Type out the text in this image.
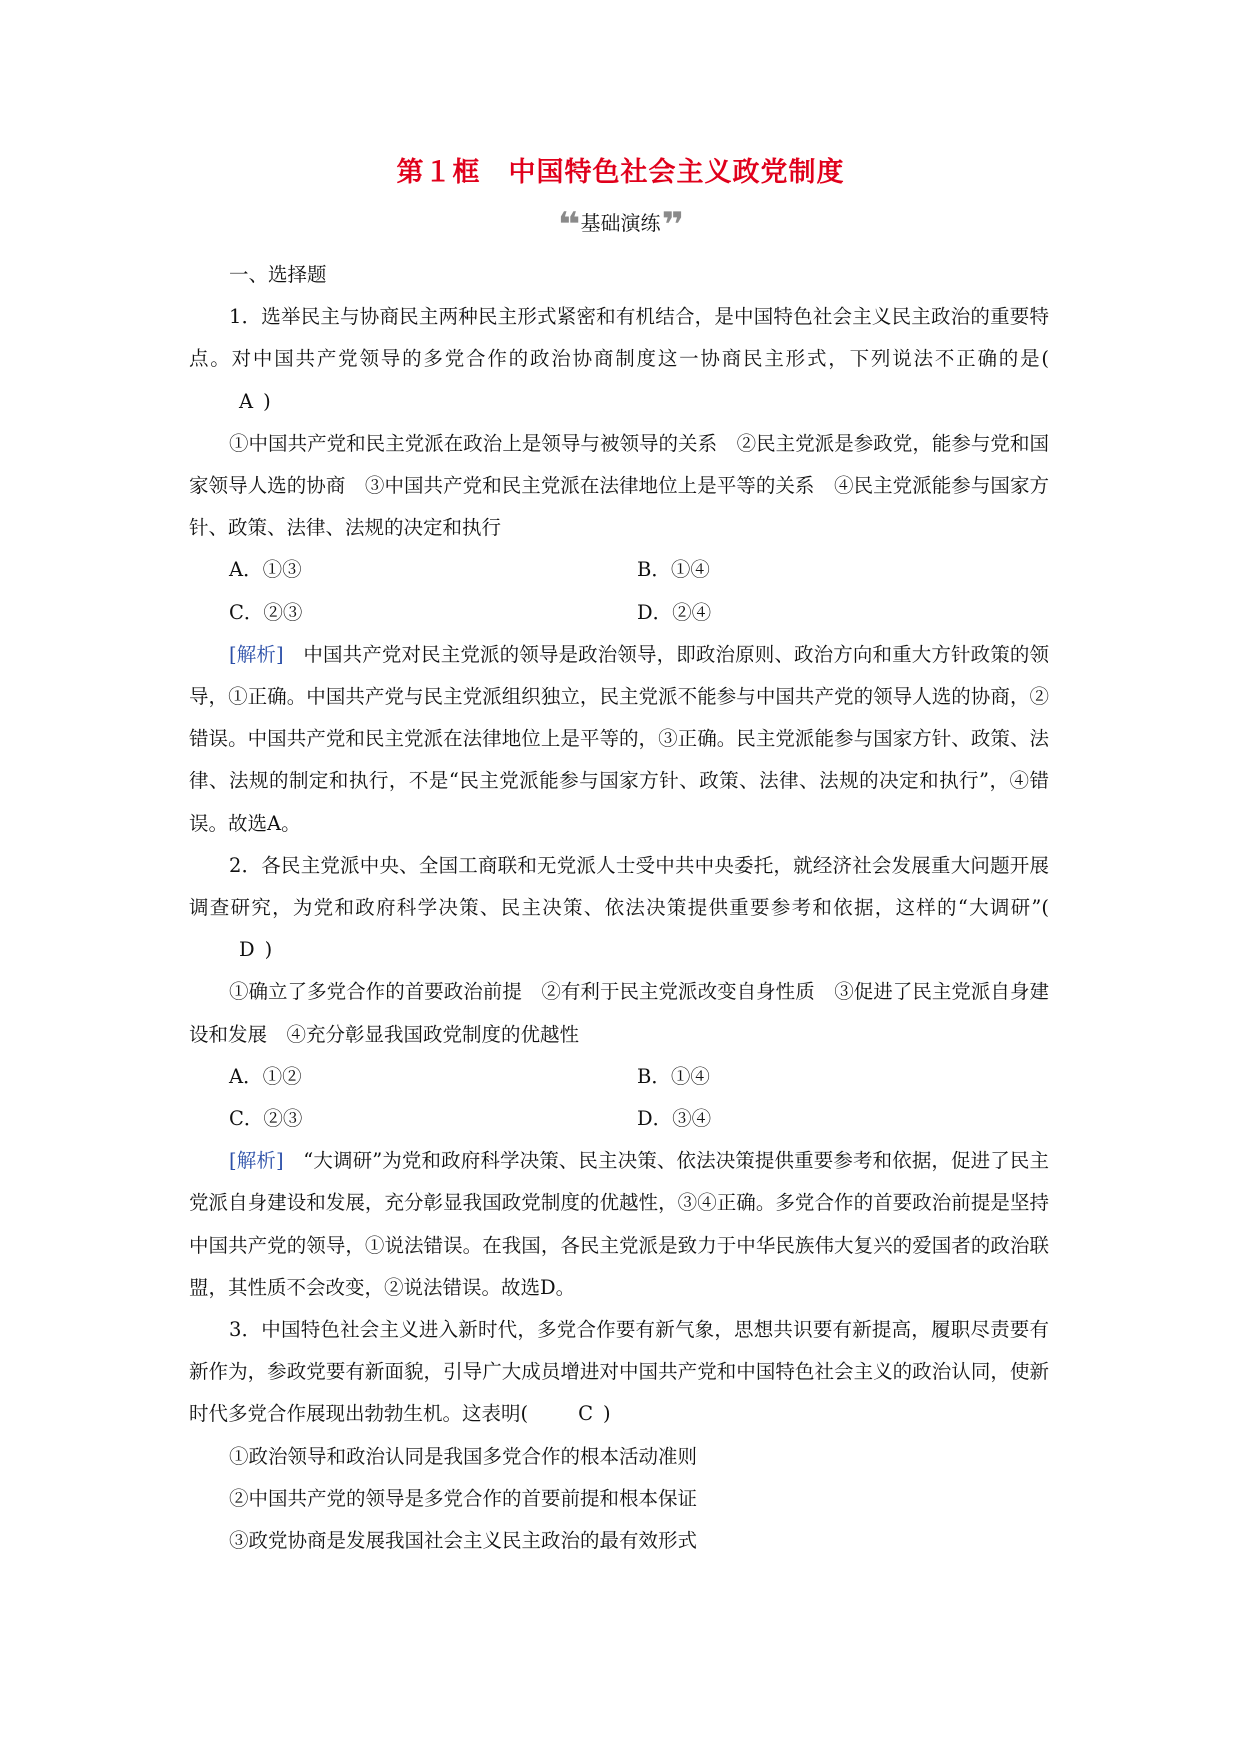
第１框　中国特色社会主义政党制度
❝基础演练❞

一、选择题

1．选举民主与协商民主两种民主形式紧密和有机结合，是中国特色社会主义民主政治的重要特点。对中国共产党领导的多党合作的政治协商制度这一协商民主形式，下列说法不正确的是(A )

①中国共产党和民主党派在政治上是领导与被领导的关系　②民主党派是参政党，能参与党和国家领导人选的协商　③中国共产党和民主党派在法律地位上是平等的关系　④民主党派能参与国家方针、政策、法律、法规的决定和执行

A．①③	B．①④
C．②③	D．②④

[解析]　 中国共产党对民主党派的领导是政治领导，即政治原则、政治方向和重大方针政策的领导，①正确。中国共产党与民主党派组织独立，民主党派不能参与中国共产党的领导人选的协商，②错误。中国共产党和民主党派在法律地位上是平等的，③正确。民主党派能参与国家方针、政策、法律、法规的制定和执行，不是“民主党派能参与国家方针、政策、法律、法规的决定和执行”，④错误。故选A。

2．各民主党派中央、全国工商联和无党派人士受中共中央委托，就经济社会发展重大问题开展调查研究，为党和政府科学决策、民主决策、依法决策提供重要参考和依据，这样的“大调研”(D )

①确立了多党合作的首要政治前提　②有利于民主党派改变自身性质　③促进了民主党派自身建设和发展　④充分彰显我国政党制度的优越性

A．①②	B．①④
C．②③	D．③④

[解析]　 “大调研”为党和政府科学决策、民主决策、依法决策提供重要参考和依据，促进了民主党派自身建设和发展，充分彰显我国政党制度的优越性，③④正确。多党合作的首要政治前提是坚持中国共产党的领导，①说法错误。在我国，各民主党派是致力于中华民族伟大复兴的爱国者的政治联盟，其性质不会改变，②说法错误。故选D。

3．中国特色社会主义进入新时代，多党合作要有新气象，思想共识要有新提高，履职尽责要有新作为，参政党要有新面貌，引导广大成员增进对中国共产党和中国特色社会主义的政治认同，使新时代多党合作展现出勃勃生机。这表明(	C )

①政治领导和政治认同是我国多党合作的根本活动准则

②中国共产党的领导是多党合作的首要前提和根本保证

③政党协商是发展我国社会主义民主政治的最有效形式
